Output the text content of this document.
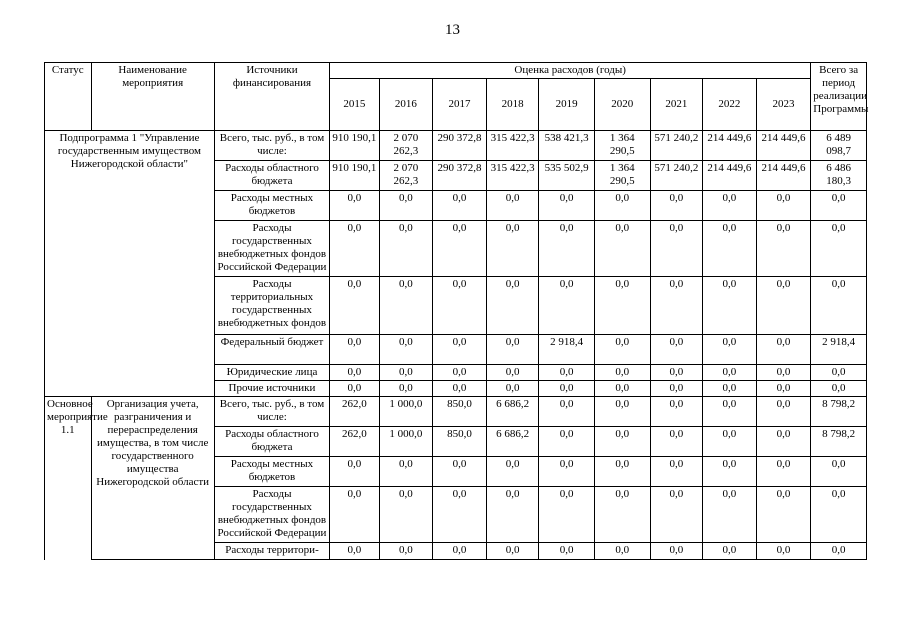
13
Статус	Наименование мероприятия	Источники финансирования	Оценка расходов (годы)									Всего за период реализации Программы
			2015	2016	2017	2018	2019	2020	2021	2022	2023	
Подпрограмма 1 "Управление государственным имуществом Нижегородской области"		Всего, тыс. руб., в том числе:	910 190,1	2 070 262,3	290 372,8	315 422,3	538 421,3	1 364 290,5	571 240,2	214 449,6	214 449,6	6 489 098,7
		Расходы областного бюджета	910 190,1	2 070 262,3	290 372,8	315 422,3	535 502,9	1 364 290,5	571 240,2	214 449,6	214 449,6	6 486 180,3
		Расходы местных бюджетов	0,0	0,0	0,0	0,0	0,0	0,0	0,0	0,0	0,0	0,0
		Расходы государственных внебюджетных фондов Российской Федерации	0,0	0,0	0,0	0,0	0,0	0,0	0,0	0,0	0,0	0,0
		Расходы территориальных государственных внебюджетных фондов	0,0	0,0	0,0	0,0	0,0	0,0	0,0	0,0	0,0	0,0
		Федеральный бюджет	0,0	0,0	0,0	0,0	2 918,4	0,0	0,0	0,0	0,0	2 918,4
		Юридические лица	0,0	0,0	0,0	0,0	0,0	0,0	0,0	0,0	0,0	0,0
		Прочие источники	0,0	0,0	0,0	0,0	0,0	0,0	0,0	0,0	0,0	0,0
Основное мероприятие 1.1	Организация учета, разграничения и перераспределения имущества, в том числе государственного имущества Нижегородской области	Всего, тыс. руб., в том числе:	262,0	1 000,0	850,0	6 686,2	0,0	0,0	0,0	0,0	0,0	8 798,2
		Расходы областного бюджета	262,0	1 000,0	850,0	6 686,2	0,0	0,0	0,0	0,0	0,0	8 798,2
		Расходы местных бюджетов	0,0	0,0	0,0	0,0	0,0	0,0	0,0	0,0	0,0	0,0
		Расходы государственных внебюджетных фондов Российской Федерации	0,0	0,0	0,0	0,0	0,0	0,0	0,0	0,0	0,0	0,0
		Расходы территори-	0,0	0,0	0,0	0,0	0,0	0,0	0,0	0,0	0,0	0,0
